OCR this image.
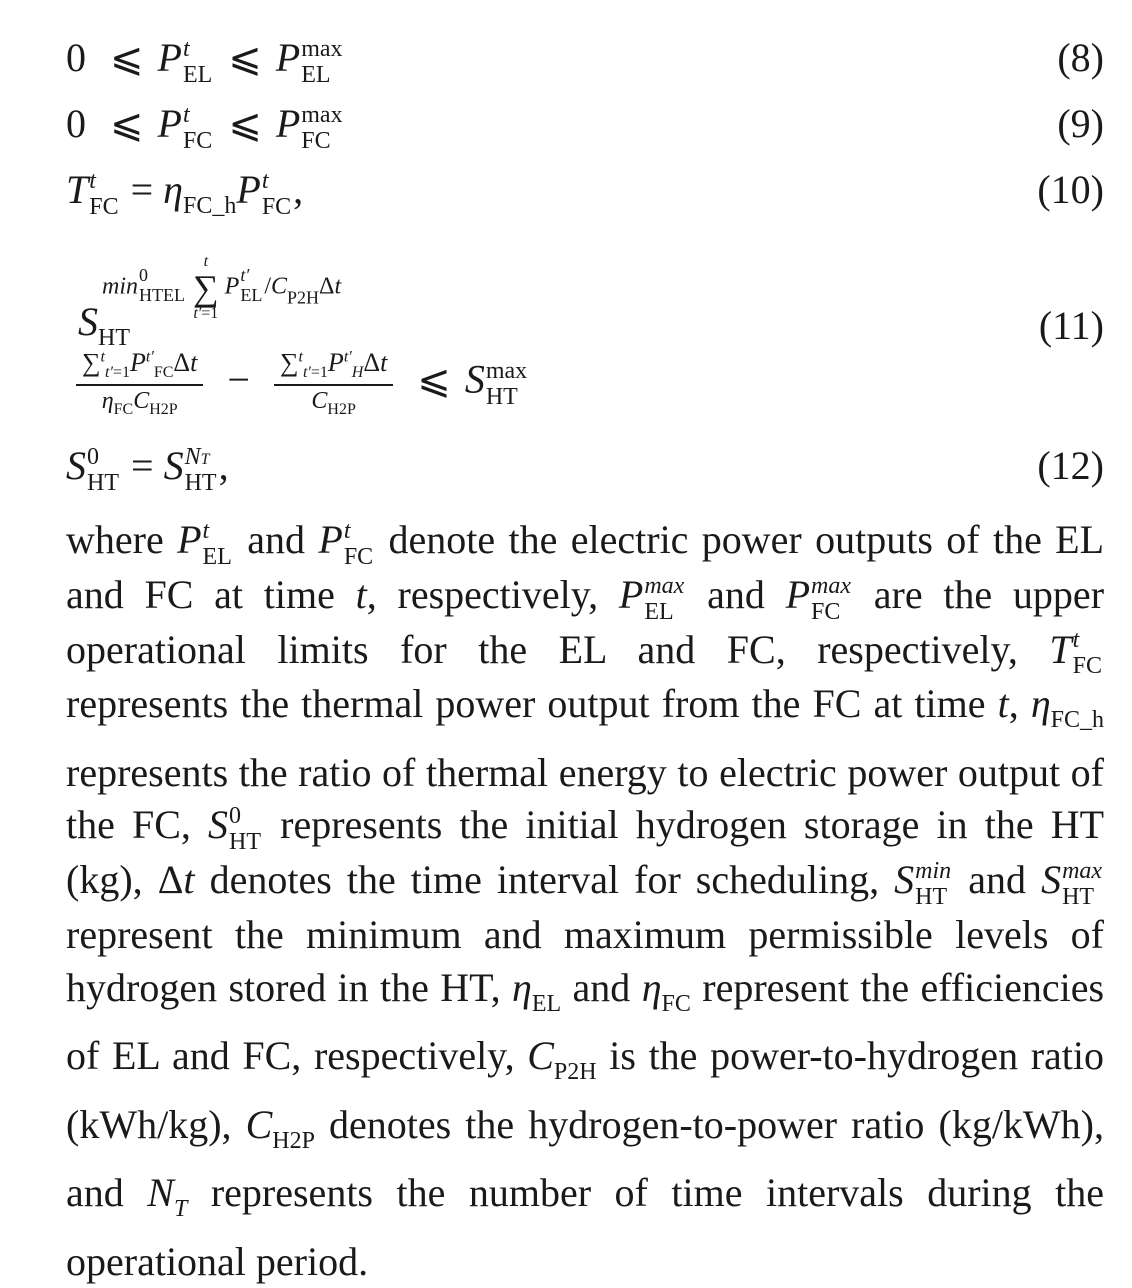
0 ⩽ P t
EL ⩽ P max
EL	(8)
0 ⩽ P t
FC ⩽ P max
FC	(9)
T t
FC = $\eta_{FC\_h}P$ t
FC ,	(10)
min 0
HTEL

t
∑
t′=1
P t′
EL $/C_{P2H}\Delta t$
$S_{HT}$
$\frac{\sum^t_{t'=1}P^{t'}_{FC}\Delta t}{\eta_{FC}C_{H2P}} - \frac{\sum^t_{t'=1}P^{t'}_H\Delta t}{C_{H2P}}$ ⩽ S max
HT
(11)
S 0
HT = S NT
HT ,	(12)

where P t
EL and P t
FC denote the electric power outputs of the EL and FC at time t, respectively, P max
EL and P max
FC are the upper operational limits for the EL and FC, respectively, T t
FC
represents the thermal power output from the FC at time t, $\eta_{FC\_h}$ represents the ratio of thermal energy to electric power output of the FC, S 0
HT represents the initial hydrogen storage in the HT (kg), Δt denotes the time interval for scheduling, S min
HT and S max
HT
represent the minimum and maximum permissible levels of hydrogen stored in the HT, $\eta_{EL}$ and $\eta_{FC}$ represent the efficiencies of EL and FC, respectively, $C_{P2H}$ is the power-to-hydrogen ratio (kWh/kg), $C_{H2P}$ denotes the hydrogen-to-power ratio (kg/kWh), and $N_T$ represents the number of time intervals during the operational period.
